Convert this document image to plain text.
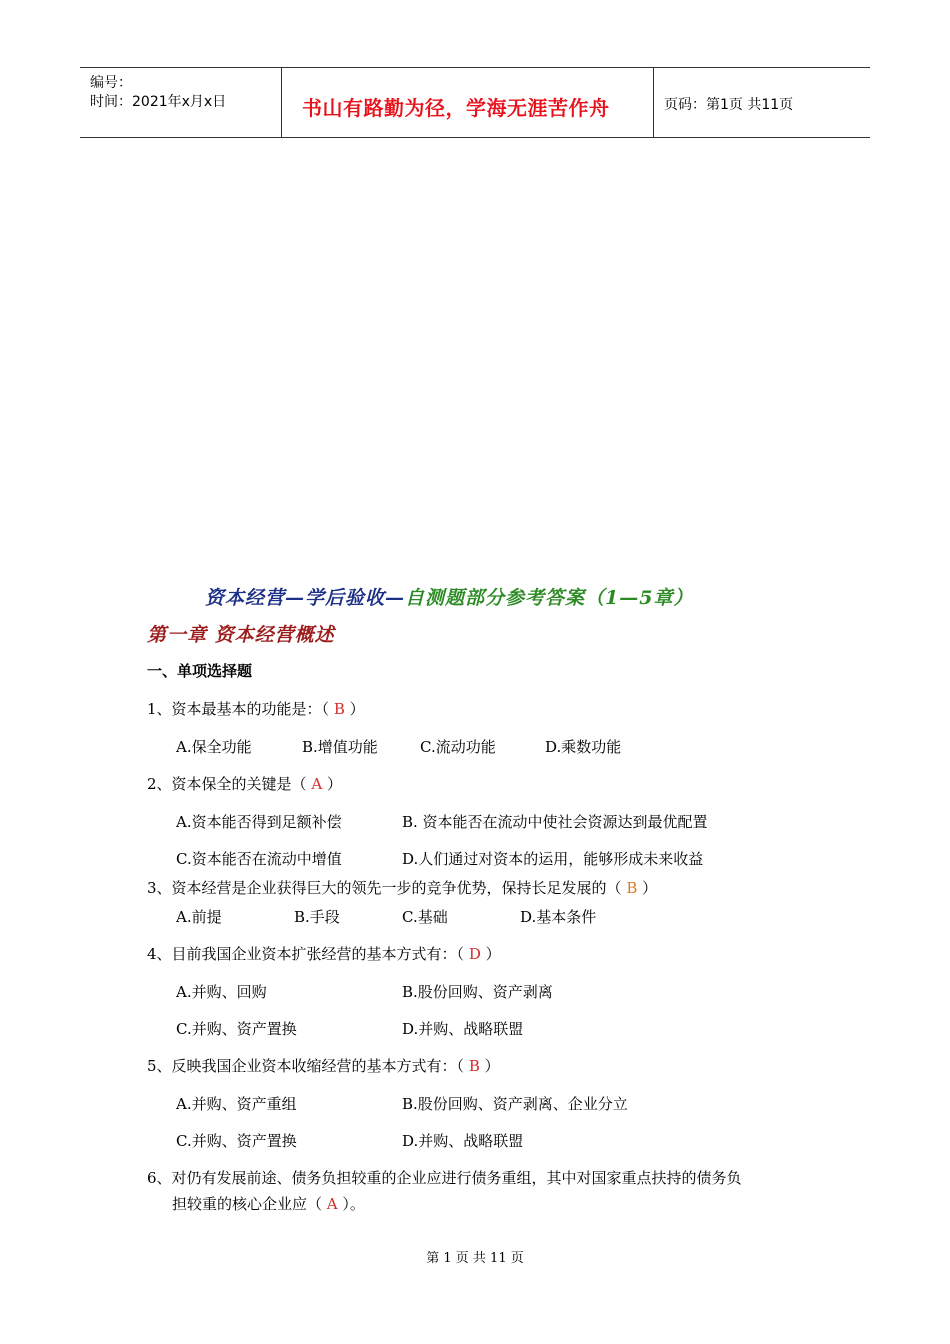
编号：
时间：2021年x月x日	书山有路勤为径，学海无涯苦作舟	页码：第1页 共11页
资本经营—学后验收—自测题部分参考答案（1—5章）
第一章 资本经营概述
一、单项选择题
1、资本最基本的功能是：（ B ）
A.保全功能	B.增值功能	C.流动功能	D.乘数功能
2、资本保全的关键是（ A ）
A.资本能否得到足额补偿	B. 资本能否在流动中使社会资源达到最优配置
C.资本能否在流动中增值	D.人们通过对资本的运用，能够形成未来收益
3、资本经营是企业获得巨大的领先一步的竞争优势，保持长足发展的（ B ）
A.前提	B.手段	C.基础	D.基本条件
4、目前我国企业资本扩张经营的基本方式有：（ D ）
A.并购、回购	B.股份回购、资产剥离
C.并购、资产置换	D.并购、战略联盟
5、反映我国企业资本收缩经营的基本方式有：（ B ）
A.并购、资产重组	B.股份回购、资产剥离、企业分立
C.并购、资产置换	D.并购、战略联盟
6、对仍有发展前途、债务负担较重的企业应进行债务重组，其中对国家重点扶持的债务负
担较重的核心企业应（ A ）。
第 1 页 共 11 页
